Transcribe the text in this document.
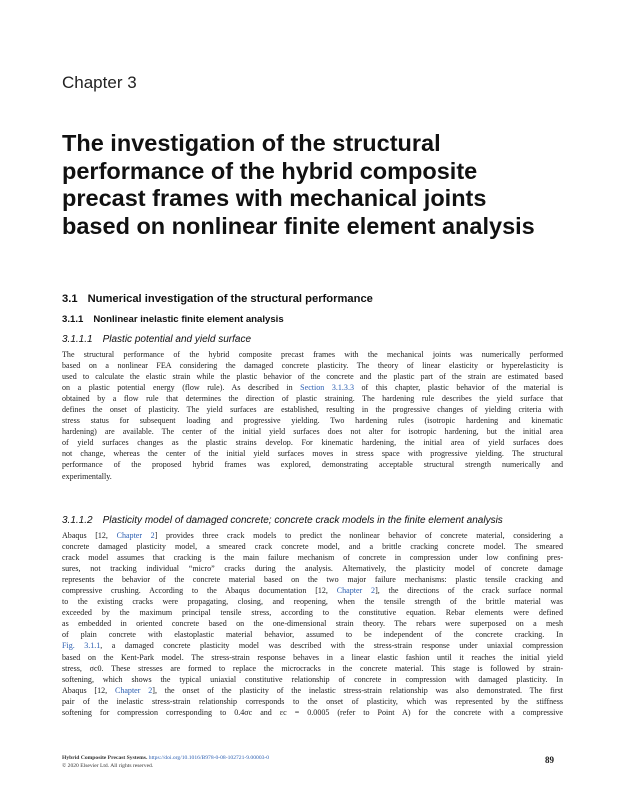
Chapter 3
The investigation of the structural
performance of the hybrid composite
precast frames with mechanical joints
based on nonlinear finite element analysis
3.1 Numerical investigation of the structural performance
3.1.1 Nonlinear inelastic finite element analysis
3.1.1.1 Plastic potential and yield surface
The structural performance of the hybrid composite precast frames with the mechanical joints was numerically performed
based on a nonlinear FEA considering the damaged concrete plasticity. The theory of linear elasticity or hyperelasticity is
used to calculate the elastic strain while the plastic behavior of the concrete and the plastic part of the strain are estimated based
on a plastic potential energy (flow rule). As described in Section 3.1.3.3 of this chapter, plastic behavior of the material is
obtained by a flow rule that determines the direction of plastic straining. The hardening rule describes the yield surface that
defines the onset of plasticity. The yield surfaces are established, resulting in the progressive changes of yielding criteria with
stress status for subsequent loading and progressive yielding. Two hardening rules (isotropic hardening and kinematic
hardening) are available. The center of the initial yield surfaces does not alter for isotropic hardening, but the initial area
of yield surfaces changes as the plastic strains develop. For kinematic hardening, the initial area of yield surfaces does
not change, whereas the center of the initial yield surfaces moves in stress space with progressive yielding. The structural
performance of the proposed hybrid frames was explored, demonstrating acceptable structural strength numerically and
experimentally.
3.1.1.2 Plasticity model of damaged concrete; concrete crack models in the finite element analysis
Abaqus [12, Chapter 2] provides three crack models to predict the nonlinear behavior of concrete material, considering a
concrete damaged plasticity model, a smeared crack concrete model, and a brittle cracking concrete model. The smeared
crack model assumes that cracking is the main failure mechanism of concrete in compression under low confining pres-
sures, not tracking individual “micro” cracks during the analysis. Alternatively, the plasticity model of concrete damage
represents the behavior of the concrete material based on the two major failure mechanisms: plastic tensile cracking and
compressive crushing. According to the Abaqus documentation [12, Chapter 2], the directions of the crack surface normal
to the existing cracks were propagating, closing, and reopening, when the tensile strength of the brittle material was
exceeded by the maximum principal tensile stress, according to the constitutive equation. Rebar elements were defined
as embedded in oriented concrete based on the one-dimensional strain theory. The rebars were superposed on a mesh
of plain concrete with elastoplastic material behavior, assumed to be independent of the concrete cracking. In
Fig. 3.1.1, a damaged concrete plasticity model was described with the stress-strain response under uniaxial compression
based on the Kent-Park model. The stress-strain response behaves in a linear elastic fashion until it reaches the initial yield
stress, σc0. These stresses are formed to replace the microcracks in the concrete material. This stage is followed by strain-
softening, which shows the typical uniaxial constitutive relationship of concrete in compression with damaged plasticity. In
Abaqus [12, Chapter 2], the onset of the plasticity of the inelastic stress-strain relationship was also demonstrated. The first
pair of the inelastic stress-strain relationship corresponds to the onset of plasticity, which was represented by the stiffness
softening for compression corresponding to 0.4σc and εc = 0.0005 (refer to Point A) for the concrete with a compressive
Hybrid Composite Precast Systems. https://doi.org/10.1016/B978-0-08-102721-9.00003-0
© 2020 Elsevier Ltd. All rights reserved.
89
